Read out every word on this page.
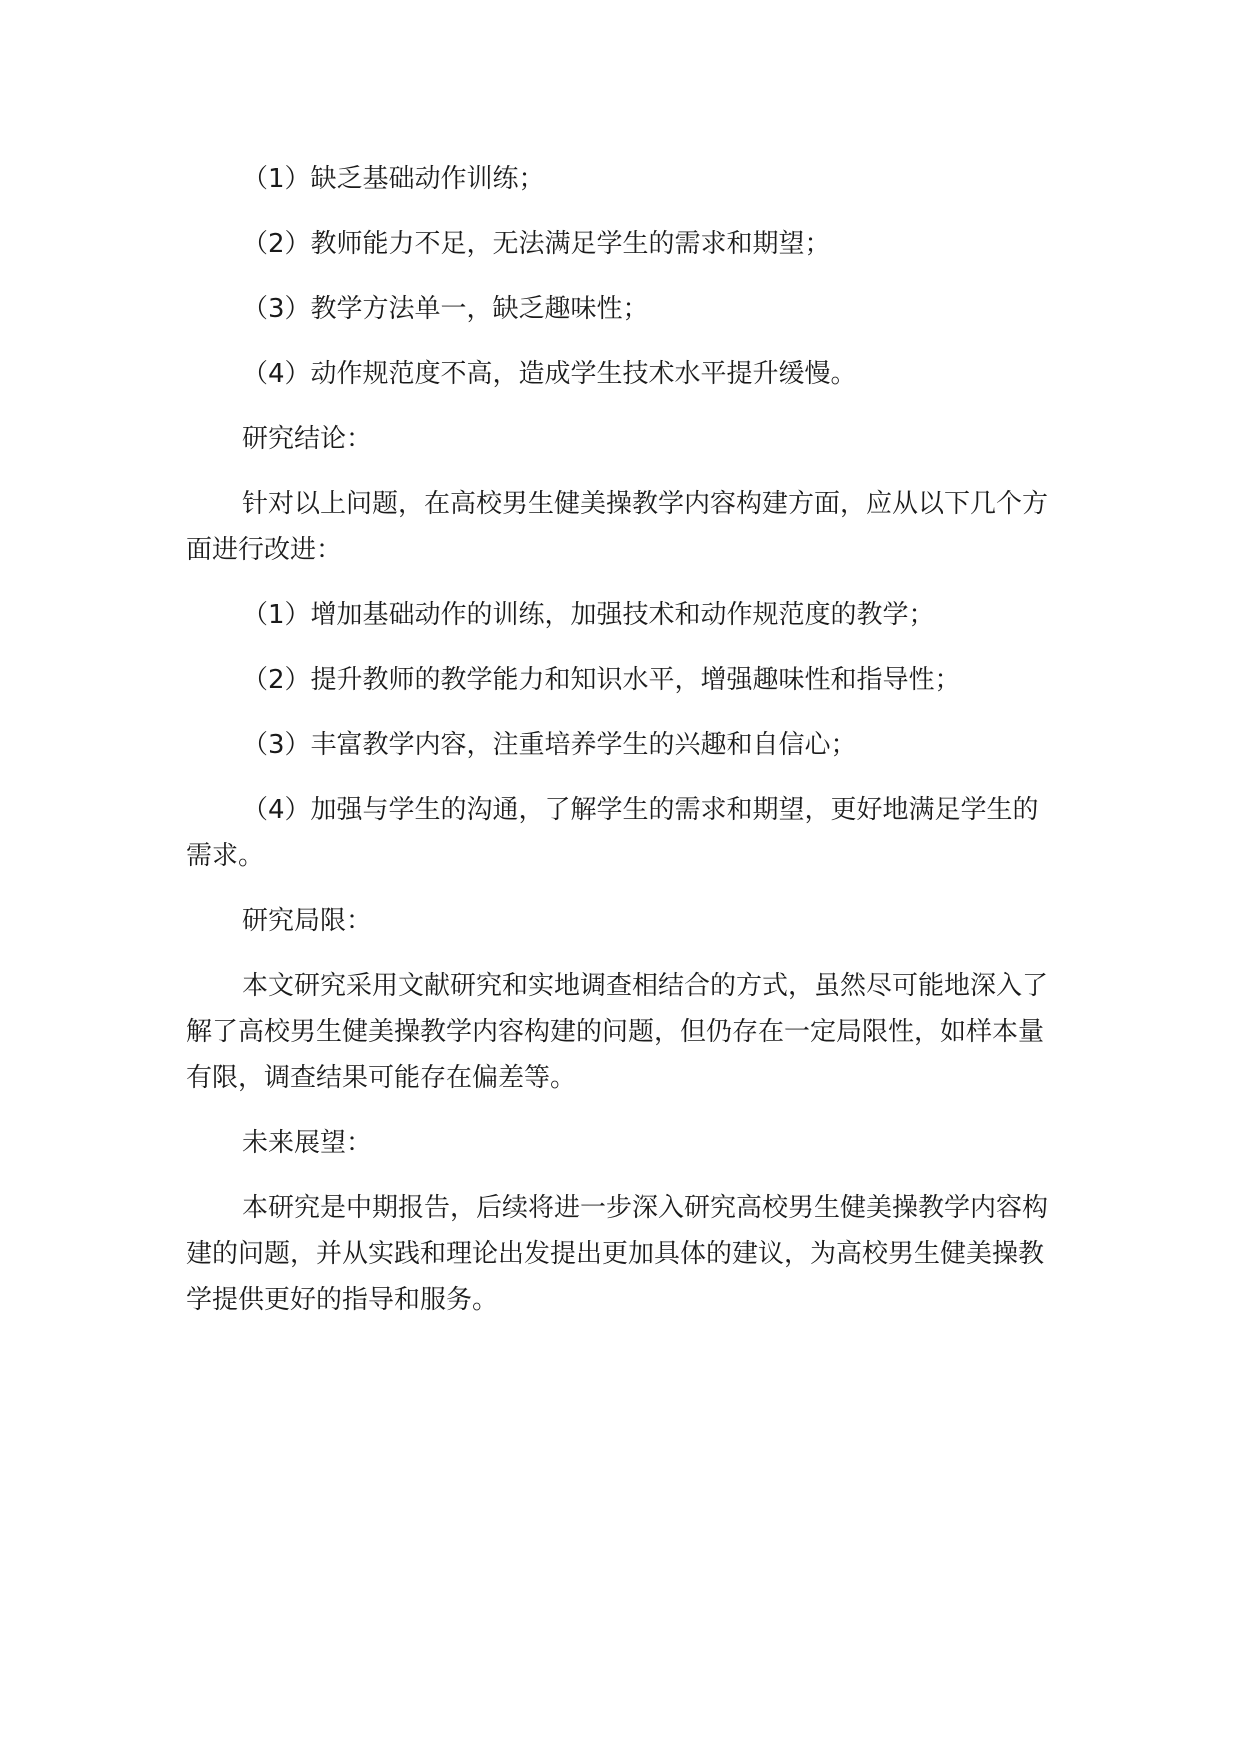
（1）缺乏基础动作训练；

（2）教师能力不足，无法满足学生的需求和期望；

（3）教学方法单一，缺乏趣味性；

（4）动作规范度不高，造成学生技术水平提升缓慢。

研究结论：

针对以上问题，在高校男生健美操教学内容构建方面，应从以下几个方面进行改进：

（1）增加基础动作的训练，加强技术和动作规范度的教学；

（2）提升教师的教学能力和知识水平，增强趣味性和指导性；

（3）丰富教学内容，注重培养学生的兴趣和自信心；

（4）加强与学生的沟通，了解学生的需求和期望，更好地满足学生的需求。

研究局限：

本文研究采用文献研究和实地调查相结合的方式，虽然尽可能地深入了解了高校男生健美操教学内容构建的问题，但仍存在一定局限性，如样本量有限，调查结果可能存在偏差等。

未来展望：

本研究是中期报告，后续将进一步深入研究高校男生健美操教学内容构建的问题，并从实践和理论出发提出更加具体的建议，为高校男生健美操教学提供更好的指导和服务。
